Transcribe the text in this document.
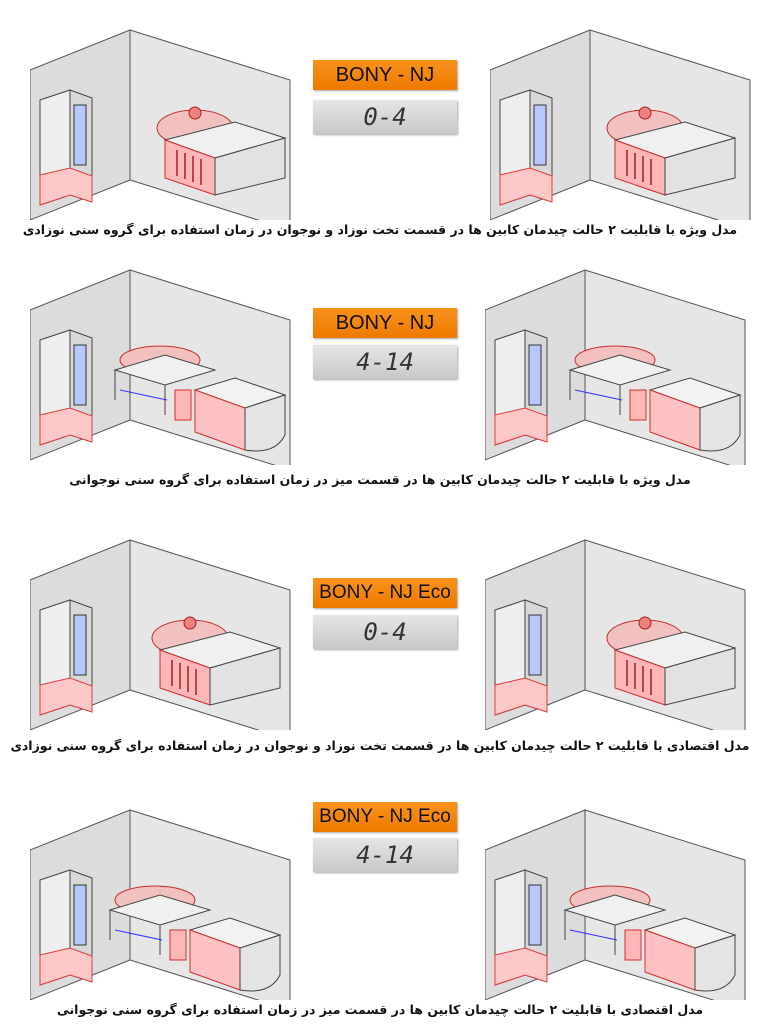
BONY - NJ
0-4
مدل ویژه با قابلیت ۲ حالت چیدمان کابین ها در قسمت تخت نوزاد و نوجوان در زمان استفاده برای گروه سنی نوزادی
BONY - NJ
4-14
مدل ویژه با قابلیت ۲ حالت چیدمان کابین ها در قسمت میز در زمان استفاده برای گروه سنی نوجوانی
BONY - NJ Eco
0-4
مدل اقتصادی با قابلیت ۲ حالت چیدمان کابین ها در قسمت تخت نوزاد و نوجوان در زمان استفاده برای گروه سنی نوزادی
BONY - NJ Eco
4-14
مدل اقتصادی با قابلیت ۲ حالت چیدمان کابین ها در قسمت میز در زمان استفاده برای گروه سنی نوجوانی
